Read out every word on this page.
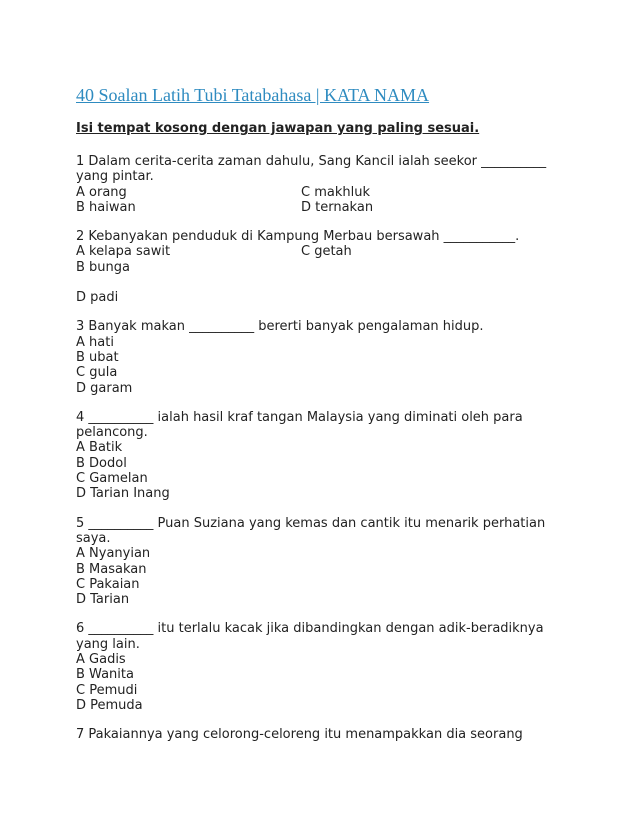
40 Soalan Latih Tubi Tatabahasa | KATA NAMA

Isi tempat kosong dengan jawapan yang paling sesuai.

1 Dalam cerita-cerita zaman dahulu, Sang Kancil ialah seekor __________

yang pintar.

A orang	C makhluk

B haiwan	D ternakan

2 Kebanyakan penduduk di Kampung Merbau bersawah ___________.

A kelapa sawit	C getah

B bunga

D padi

3 Banyak makan __________ bererti banyak pengalaman hidup.

A hati

B ubat

C gula

D garam

4 __________ ialah hasil kraf tangan Malaysia yang diminati oleh para

pelancong.

A Batik

B Dodol

C Gamelan

D Tarian Inang

5 __________ Puan Suziana yang kemas dan cantik itu menarik perhatian

saya.

A Nyanyian

B Masakan

C Pakaian

D Tarian

6 __________ itu terlalu kacak jika dibandingkan dengan adik-beradiknya

yang lain.

A Gadis

B Wanita

C Pemudi

D Pemuda

7 Pakaiannya yang celorong-celoreng itu menampakkan dia seorang
